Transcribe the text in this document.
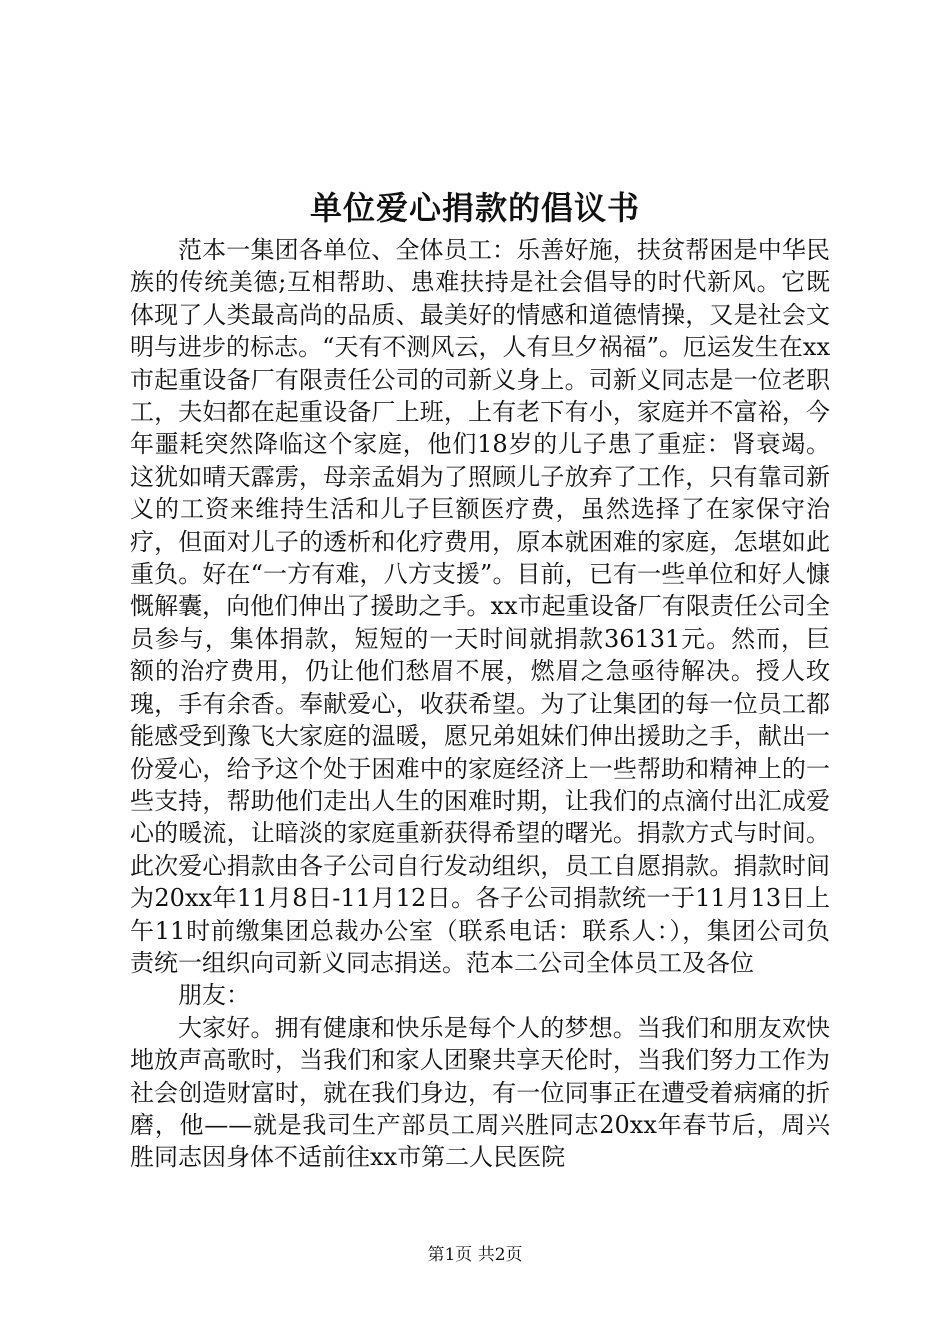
单位爱心捐款的倡议书

范本一集团各单位、全体员工：乐善好施，扶贫帮困是中华民族的传统美德;互相帮助、患难扶持是社会倡导的时代新风。它既体现了人类最高尚的品质、最美好的情感和道德情操，又是社会文明与进步的标志。“天有不测风云，人有旦夕祸福”。厄运发生在xx市起重设备厂有限责任公司的司新义身上。司新义同志是一位老职工，夫妇都在起重设备厂上班，上有老下有小，家庭并不富裕，今年噩耗突然降临这个家庭，他们18岁的儿子患了重症：肾衰竭。这犹如晴天霹雳，母亲孟娟为了照顾儿子放弃了工作，只有靠司新义的工资来维持生活和儿子巨额医疗费，虽然选择了在家保守治疗，但面对儿子的透析和化疗费用，原本就困难的家庭，怎堪如此重负。好在“一方有难，八方支援”。目前，已有一些单位和好人慷慨解囊，向他们伸出了援助之手。xx市起重设备厂有限责任公司全员参与，集体捐款，短短的一天时间就捐款36131元。然而，巨额的治疗费用，仍让他们愁眉不展，燃眉之急亟待解决。授人玫瑰，手有余香。奉献爱心，收获希望。为了让集团的每一位员工都能感受到豫飞大家庭的温暖，愿兄弟姐妹们伸出援助之手，献出一份爱心，给予这个处于困难中的家庭经济上一些帮助和精神上的一些支持，帮助他们走出人生的困难时期，让我们的点滴付出汇成爱心的暖流，让暗淡的家庭重新获得希望的曙光。捐款方式与时间。此次爱心捐款由各子公司自行发动组织，员工自愿捐款。捐款时间为20xx年11月8日-11月12日。各子公司捐款统一于11月13日上午11时前缴集团总裁办公室（联系电话：联系人：），集团公司负责统一组织向司新义同志捐送。范本二公司全体员工及各位

朋友：

大家好。拥有健康和快乐是每个人的梦想。当我们和朋友欢快地放声高歌时，当我们和家人团聚共享天伦时，当我们努力工作为社会创造财富时，就在我们身边，有一位同事正在遭受着病痛的折磨，他——就是我司生产部员工周兴胜同志20xx年春节后，周兴胜同志因身体不适前往xx市第二人民医院

第1页 共2页
